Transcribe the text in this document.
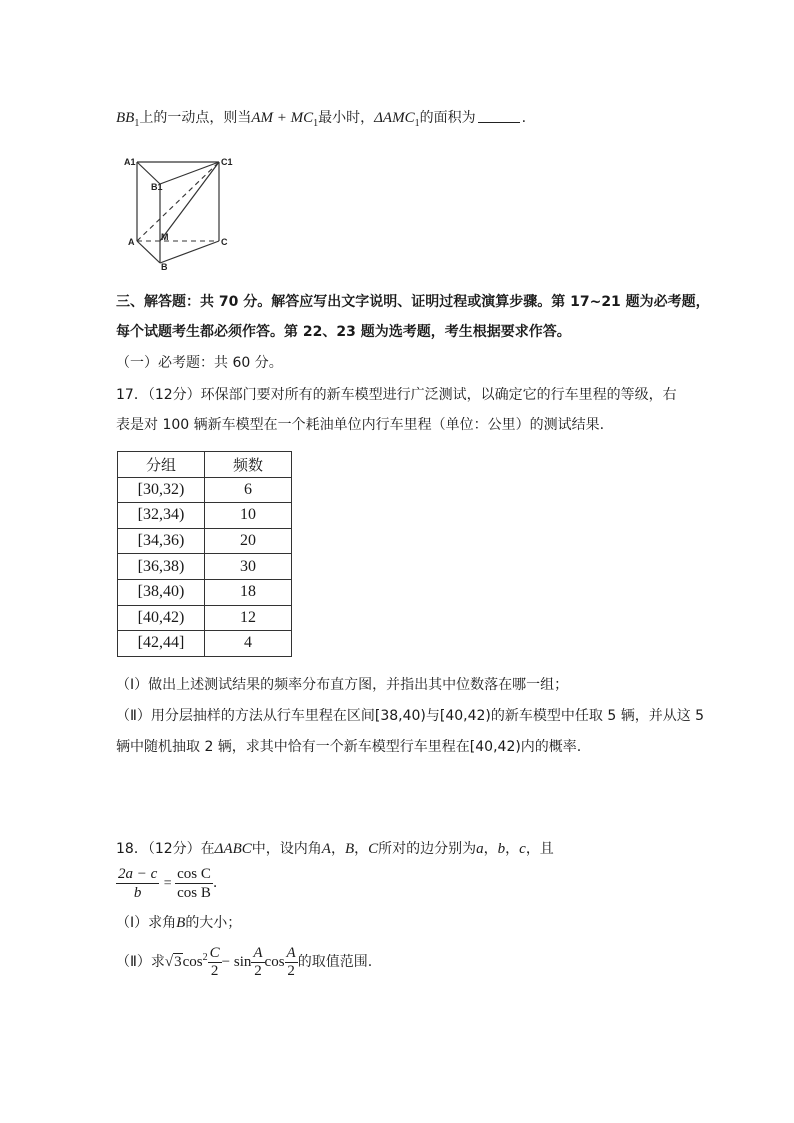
$BB_1$上的一动点，则当AM + $MC_1$最小时，$\Delta AMC_1$的面积为	.
A1	C1
B1
M
A
B
C
三、解答题：共 70 分。解答应写出文字说明、证明过程或演算步骤。第 17~21 题为必考题，
每个试题考生都必须作答。第 22、23 题为选考题，考生根据要求作答。
（一）必考题：共 60 分。
17．（12分）环保部门要对所有的新车模型进行广泛测试，以确定它的行车里程的等级，右
表是对 100 辆新车模型在一个耗油单位内行车里程（单位：公里）的测试结果.
分组	频数
[30,32)	6
[32,34)	10
[34,36)	20
[36,38)	30
[38,40)	18
[40,42)	12
[42,44]	4
（Ⅰ）做出上述测试结果的频率分布直方图，并指出其中位数落在哪一组；
（Ⅱ）用分层抽样的方法从行车里程在区间[38,40)与[40,42)的新车模型中任取 5 辆，并从这 5
辆中随机抽取 2 辆，求其中恰有一个新车模型行车里程在[40,42)内的概率.
18．（12分）在ΔABC中，设内角A，B，C所对的边分别为a，b，c，且
$\frac{2a - c}{b} = \frac{\text{cos C}}{\text{cos B}}$ .
（Ⅰ）求角B的大小；
（Ⅱ）求$√3\cos^2 \frac{C}{2} - \sin \frac{A}{2}$ $\cos \frac{A}{2}$ 的取值范围.
